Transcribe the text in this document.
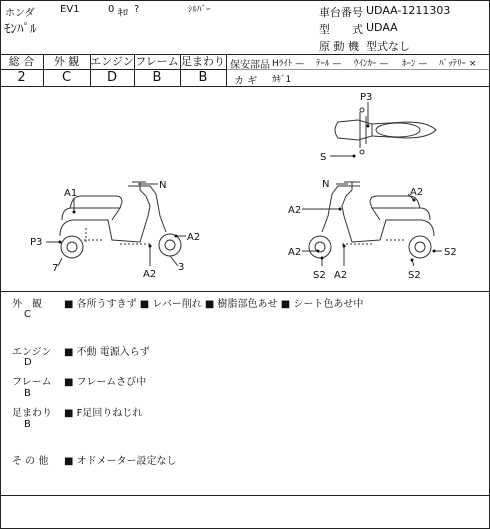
ホンダ	EV1	0 ｷﾛ ?	ｼﾙﾊﾞｰ
ﾓﾝﾊﾟﾙ
車台番号 UDAA-1211303
型　　式 UDAA
原 動 機 型式なし
総 合	外 観	エンジン フレーム 足まわり
2	C	D	B	B
保安部品 Hﾗｲﾄ — ﾃｰﾙ — ｳｲﾝｶｰ — ﾎｰﾝ — ﾊﾞｯﾃﾘｰ ×
カ ギ ｶｷﾞ1
A1
N
P3	A2
7
A2
3
P3
S
N
A2
A2
A2
S2 A2	S2
S2
外　観
C
■ 各所うすきず ■ レバー削れ ■ 樹脂部色あせ ■ シート色あせ中
エンジン
D
■ 不動 電源入らず
フレーム
B
■ フレームさび中
足まわり
B
■ F足回りねじれ
そ の 他 ■ オドメーター設定なし
